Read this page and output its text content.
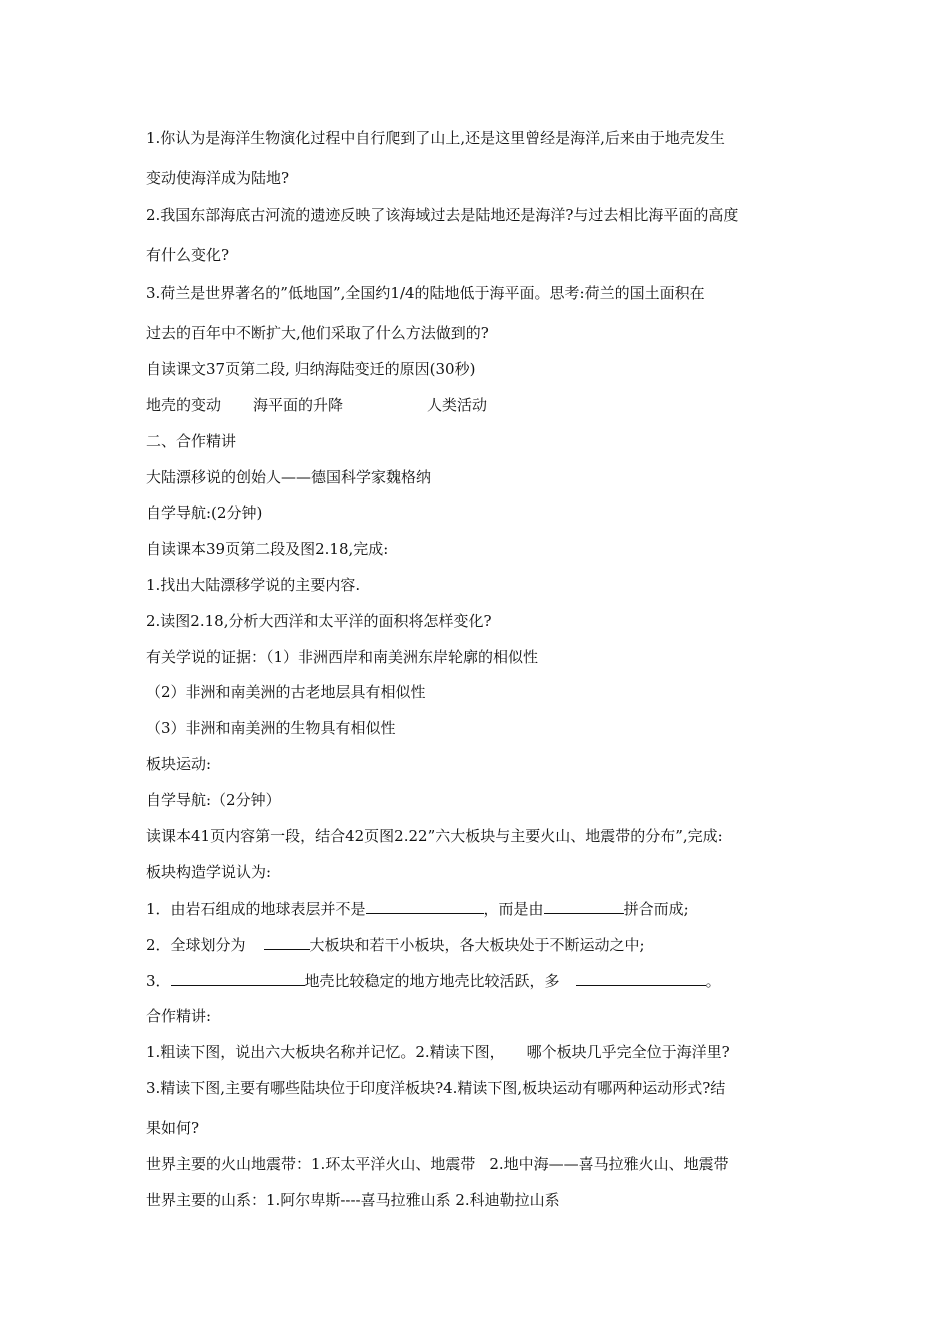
1.你认为是海洋生物演化过程中自行爬到了山上,还是这里曾经是海洋,后来由于地壳发生
变动使海洋成为陆地?
2.我国东部海底古河流的遗迹反映了该海域过去是陆地还是海洋?与过去相比海平面的高度
有什么变化?
3.荷兰是世界著名的”低地国”,全国约1/4的陆地低于海平面。思考:荷兰的国土面积在
过去的百年中不断扩大,他们采取了什么方法做到的?
自读课文37页第二段, 归纳海陆变迁的原因(30秒)
地壳的变动 海平面的升降	人类活动
二、合作精讲
大陆漂移说的创始人——德国科学家魏格纳
自学导航:(2分钟)
自读课本39页第二段及图2.18,完成:
1.找出大陆漂移学说的主要内容.
2.读图2.18,分析大西洋和太平洋的面积将怎样变化?
有关学说的证据：（1）非洲西岸和南美洲东岸轮廓的相似性
（2）非洲和南美洲的古老地层具有相似性
（3）非洲和南美洲的生物具有相似性
板块运动:
自学导航:（2分钟）
读课本41页内容第一段，结合42页图2.22”六大板块与主要火山、地震带的分布”,完成:
板块构造学说认为:
1．由岩石组成的地球表层并不是	，而是由	拼合而成;
2．全球划分为	大板块和若干小板块，各大板块处于不断运动之中;
3．	地壳比较稳定的地方地壳比较活跃，多	。
合作精讲:
1.粗读下图，说出六大板块名称并记忆。2.精读下图， 哪个板块几乎完全位于海洋里?
3.精读下图,主要有哪些陆块位于印度洋板块?4.精读下图,板块运动有哪两种运动形式?结
果如何?
世界主要的火山地震带：1.环太平洋火山、地震带 2.地中海——喜马拉雅火山、地震带
世界主要的山系：1.阿尔卑斯----喜马拉雅山系 2.科迪勒拉山系
